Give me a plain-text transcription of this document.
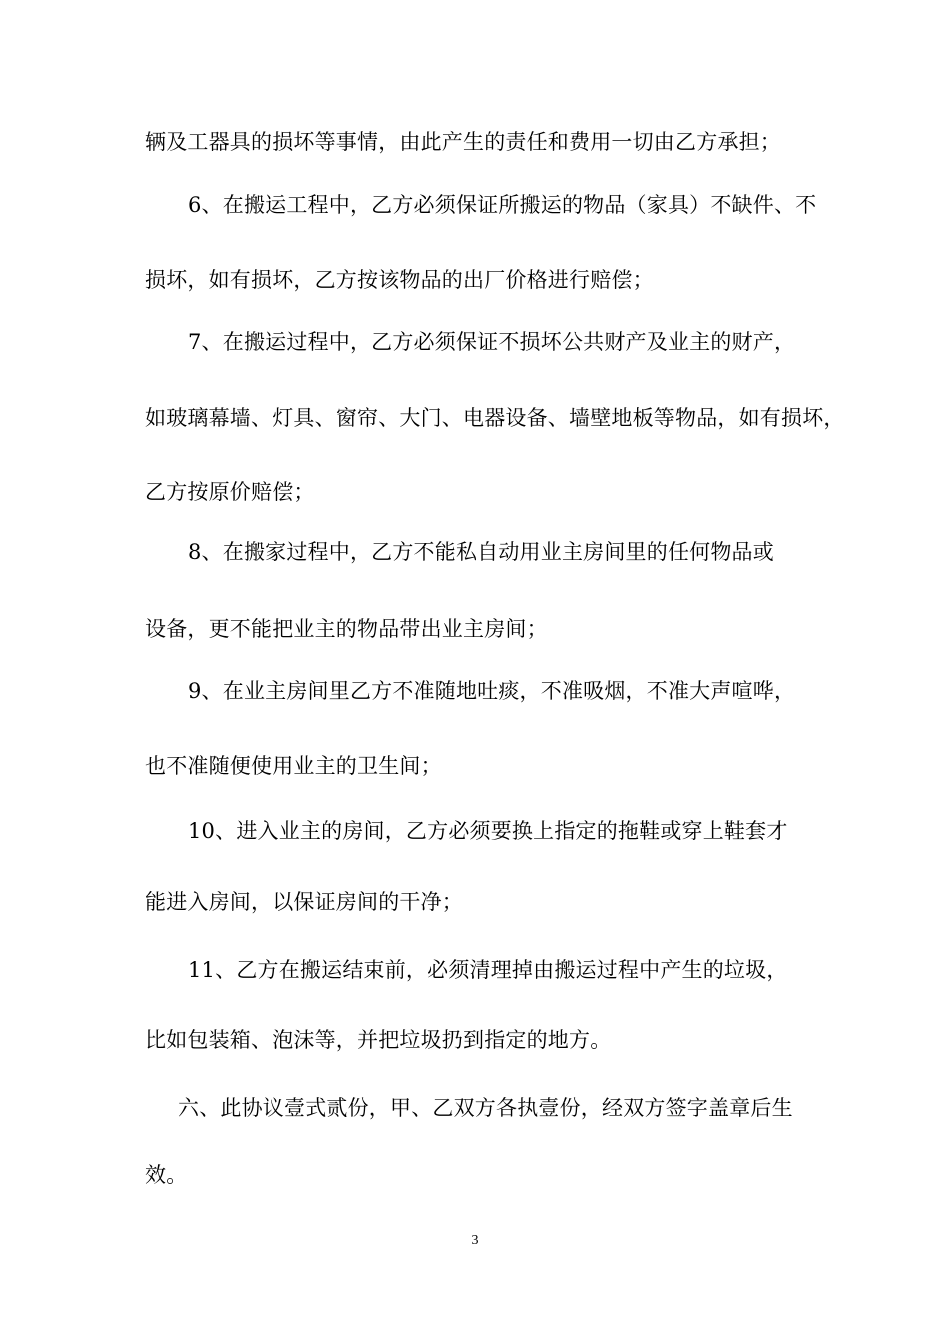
辆及工器具的损坏等事情，由此产生的责任和费用一切由乙方承担；
6、在搬运工程中，乙方必须保证所搬运的物品（家具）不缺件、不
损坏，如有损坏，乙方按该物品的出厂价格进行赔偿；
7、在搬运过程中，乙方必须保证不损坏公共财产及业主的财产，
如玻璃幕墙、灯具、窗帘、大门、电器设备、墙壁地板等物品，如有损坏，
乙方按原价赔偿；
8、在搬家过程中，乙方不能私自动用业主房间里的任何物品或
设备，更不能把业主的物品带出业主房间；
9、在业主房间里乙方不准随地吐痰，不准吸烟，不准大声喧哗，
也不准随便使用业主的卫生间；
10、进入业主的房间，乙方必须要换上指定的拖鞋或穿上鞋套才
能进入房间，以保证房间的干净；
11、乙方在搬运结束前，必须清理掉由搬运过程中产生的垃圾，
比如包装箱、泡沫等，并把垃圾扔到指定的地方。
六、此协议壹式贰份，甲、乙双方各执壹份，经双方签字盖章后生
效。
3
